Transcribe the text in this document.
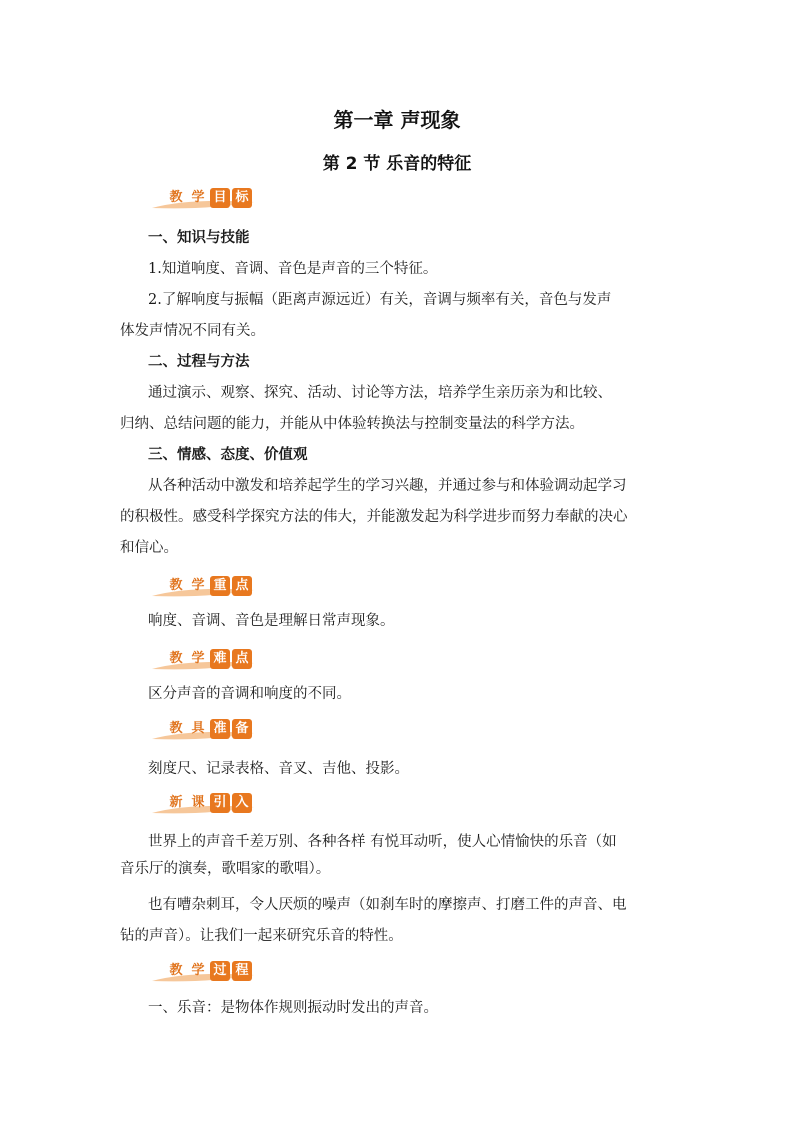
第一章 声现象
第 2 节 乐音的特征
教 学 目 标
一、知识与技能
1.知道响度、音调、音色是声音的三个特征。
2.了解响度与振幅（距离声源远近）有关，音调与频率有关，音色与发声
体发声情况不同有关。
二、过程与方法
通过演示、观察、探究、活动、讨论等方法，培养学生亲历亲为和比较、
归纳、总结问题的能力，并能从中体验转换法与控制变量法的科学方法。
三、情感、态度、价值观
从各种活动中激发和培养起学生的学习兴趣，并通过参与和体验调动起学习
的积极性。感受科学探究方法的伟大，并能激发起为科学进步而努力奉献的决心
和信心。
教 学 重 点
响度、音调、音色是理解日常声现象。
教 学 难 点
区分声音的音调和响度的不同。
教 具 准 备
刻度尺、记录表格、音叉、吉他、投影。
新 课 引 入
世界上的声音千差万别、各种各样 有悦耳动听，使人心情愉快的乐音（如
音乐厅的演奏，歌唱家的歌唱）。
也有嘈杂刺耳，令人厌烦的噪声（如刹车时的摩擦声、打磨工件的声音、电
钻的声音）。让我们一起来研究乐音的特性。
教 学 过 程
一、乐音：是物体作规则振动时发出的声音。
